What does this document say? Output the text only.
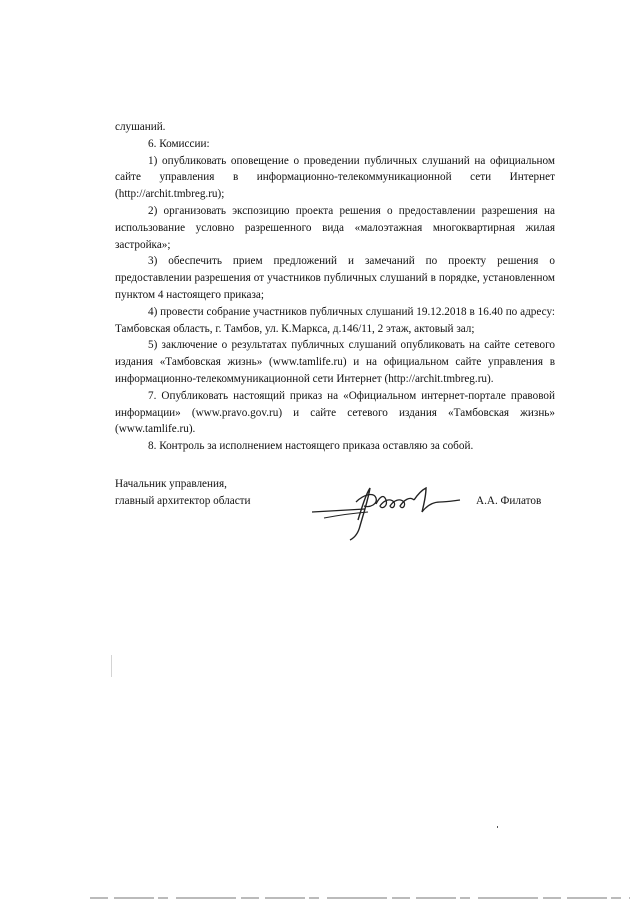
слушаний.

6. Комиссии:

1) опубликовать оповещение о проведении публичных слушаний на официальном сайте управления в информационно-телекоммуникационной сети Интернет (http://archit.tmbreg.ru);

2) организовать экспозицию проекта решения о предоставлении разрешения на использование условно разрешенного вида «малоэтажная многоквартирная жилая застройка»;

3) обеспечить прием предложений и замечаний по проекту решения о предоставлении разрешения от участников публичных слушаний в порядке, установленном пунктом 4 настоящего приказа;

4) провести собрание участников публичных слушаний 19.12.2018 в 16.40 по адресу: Тамбовская область, г. Тамбов, ул. К.Маркса, д.146/11, 2 этаж, актовый зал;

5) заключение о результатах публичных слушаний опубликовать на сайте сетевого издания «Тамбовская жизнь» (www.tamlife.ru) и на официальном сайте управления в информационно-телекоммуникационной сети Интернет (http://archit.tmbreg.ru).

7. Опубликовать настоящий приказ на «Официальном интернет-портале правовой информации» (www.pravo.gov.ru) и сайте сетевого издания «Тамбовская жизнь» (www.tamlife.ru).

8. Контроль за исполнением настоящего приказа оставляю за собой.

Начальник управления,
главный архитектор области	А.А. Филатов
